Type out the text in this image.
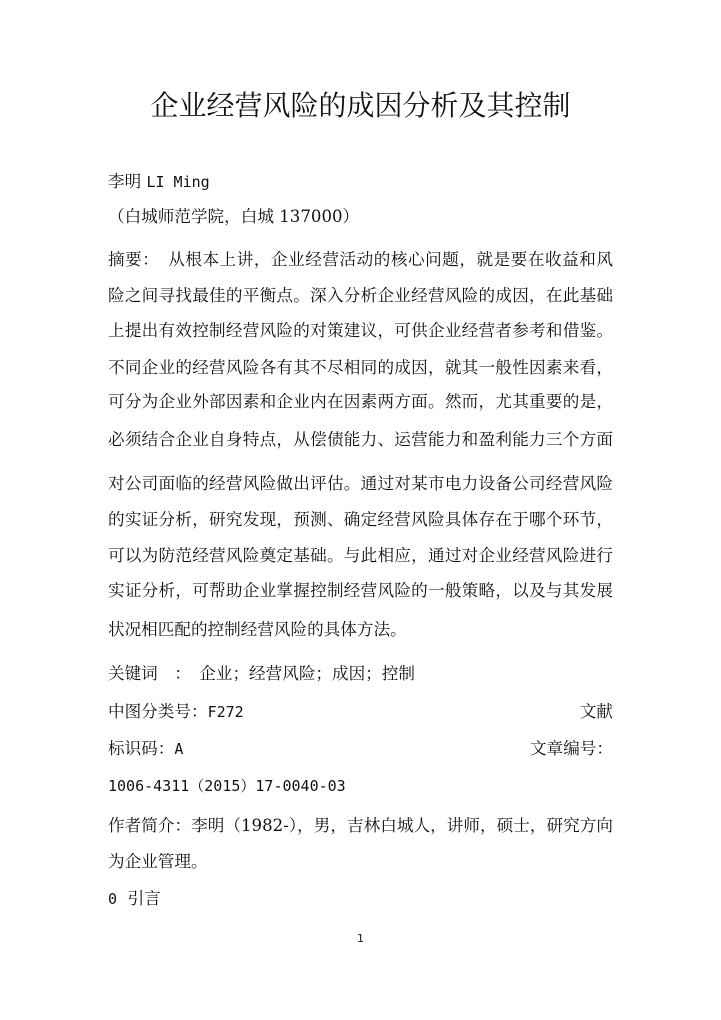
企业经营风险的成因分析及其控制
李明 LI Ming
（白城师范学院，白城 137000）
摘要：　 从根本上讲，企业经营活动的核心问题，就是要在收益和风
险之间寻找最佳的平衡点。深入分析企业经营风险的成因，在此基础
上提出有效控制经营风险的对策建议，可供企业经营者参考和借鉴。
不同企业的经营风险各有其不尽相同的成因，就其一般性因素来看，
可分为企业外部因素和企业内在因素两方面。然而，尤其重要的是，
必须结合企业自身特点，从偿债能力、运营能力和盈利能力三个方面
对公司面临的经营风险做出评估。通过对某市电力设备公司经营风险
的实证分析，研究发现，预测、确定经营风险具体存在于哪个环节，
可以为防范经营风险奠定基础。与此相应，通过对企业经营风险进行
实证分析，可帮助企业掌握控制经营风险的一般策略，以及与其发展
状况相匹配的控制经营风险的具体方法。
关键词　：　 企业；经营风险；成因；控制
中图分类号：F272	文献
标识码：A	文章编号：
1006-4311（2015）17-0040-03
作者简介：李明（1982-），男，吉林白城人，讲师，硕士，研究方向
为企业管理。
0 引言
1
